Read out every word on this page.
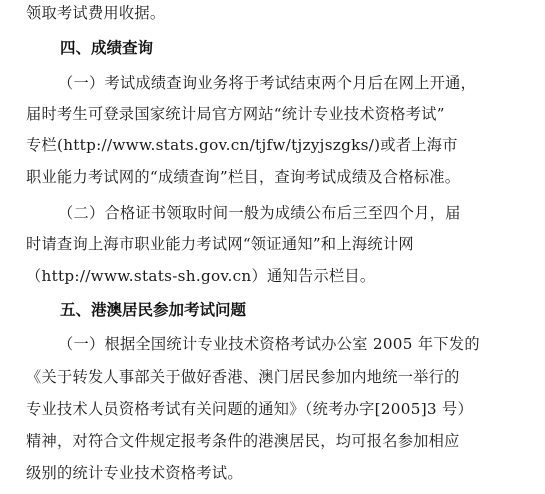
领取考试费用收据。
四、成绩查询
（一）考试成绩查询业务将于考试结束两个月后在网上开通，
届时考生可登录国家统计局官方网站“统计专业技术资格考试”
专栏(http://www.stats.gov.cn/tjfw/tjzyjszgks/)或者上海市
职业能力考试网的“成绩查询”栏目，查询考试成绩及合格标准。
（二）合格证书领取时间一般为成绩公布后三至四个月，届
时请查询上海市职业能力考试网“领证通知”和上海统计网
（http://www.stats-sh.gov.cn）通知告示栏目。
五、港澳居民参加考试问题
（一）根据全国统计专业技术资格考试办公室 2005 年下发的
《关于转发人事部关于做好香港、澳门居民参加内地统一举行的
专业技术人员资格考试有关问题的通知》（统考办字[2005]3 号）
精神，对符合文件规定报考条件的港澳居民，均可报名参加相应
级别的统计专业技术资格考试。
